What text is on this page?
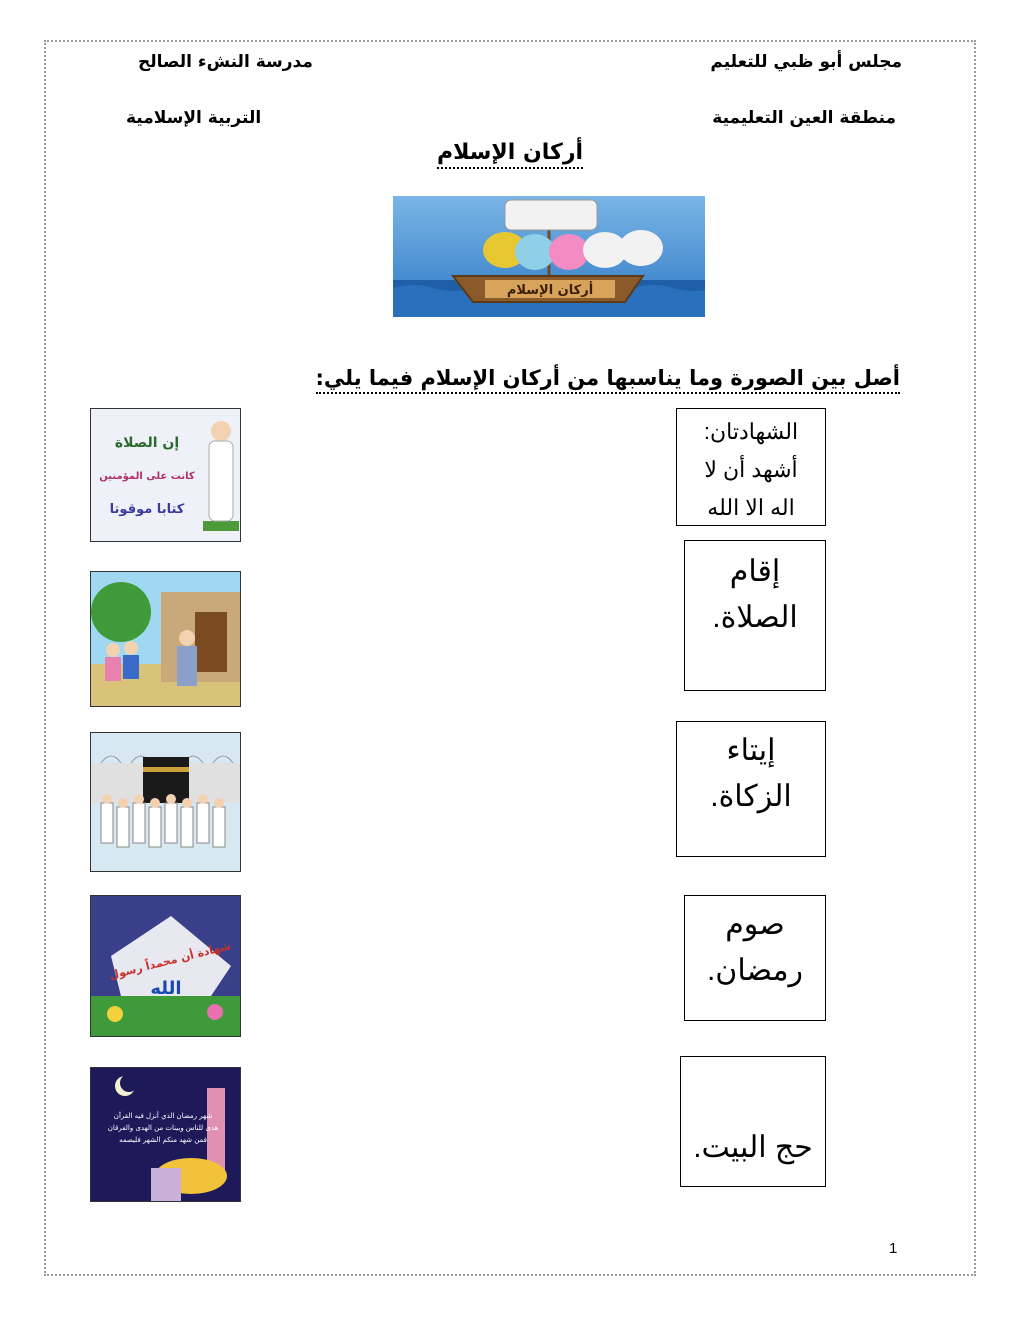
مجلس أبو ظبي للتعليم
مدرسة النشء الصالح
منطقة العين التعليمية
التربية الإسلامية
أركان الإسلام
أركان الإسلام
أصل بين الصورة وما يناسبها من أركان الإسلام فيما يلي:
إن الصلاة
كانت على المؤمنين
كتابا موقوتا
شهادة أن محمداً رسول
الله
شهر رمضان الذي أنزل فيه القرآن
هدى للناس وبينات من الهدى والفرقان
فمن شهد منكم الشهر فليصمه
الشهادتان:
أشهد أن لا
اله الا الله
إقام
الصلاة.
إيتاء
الزكاة.
صوم
رمضان.
حج البيت.
1
